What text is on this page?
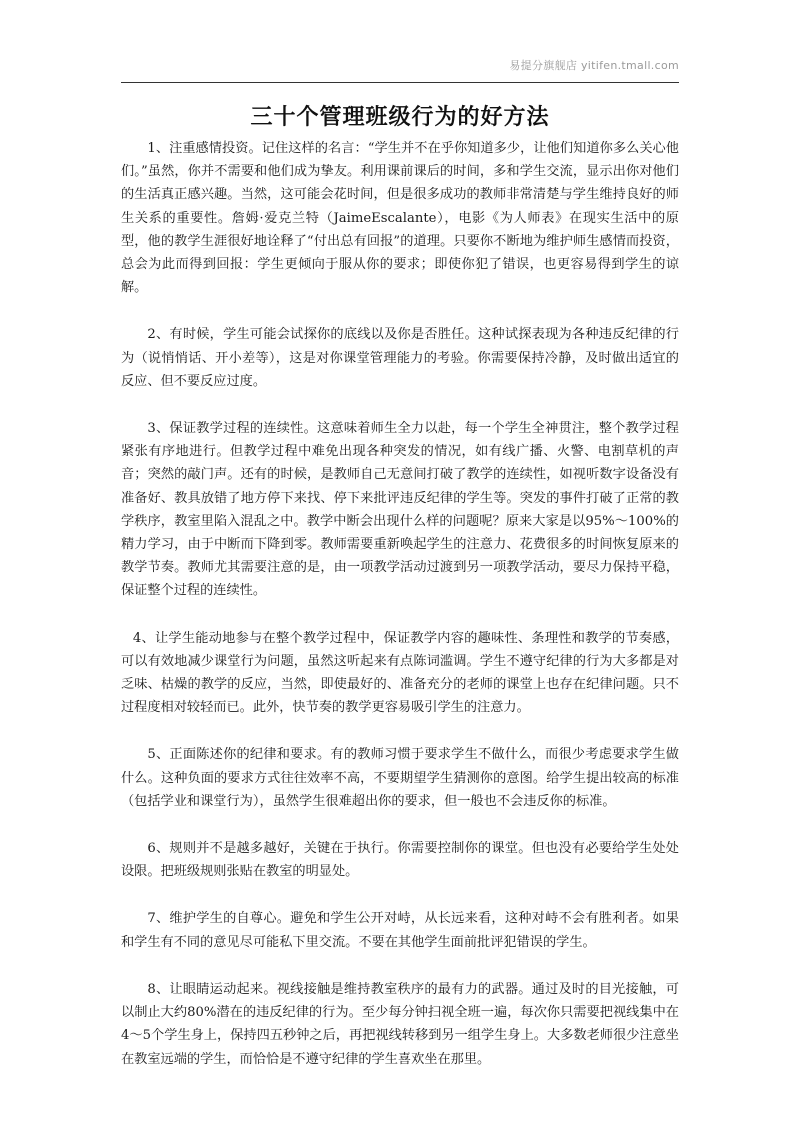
易提分旗舰店 yitifen.tmall.com
三十个管理班级行为的好方法

1、注重感情投资。记住这样的名言：“学生并不在乎你知道多少，让他们知道你多么关心他们。”虽然，你并不需要和他们成为挚友。利用课前课后的时间，多和学生交流，显示出你对他们的生活真正感兴趣。当然，这可能会花时间，但是很多成功的教师非常清楚与学生维持良好的师生关系的重要性。詹姆·爱克兰特（JaimeEscalante），电影《为人师表》在现实生活中的原型，他的教学生涯很好地诠释了“付出总有回报”的道理。只要你不断地为维护师生感情而投资，总会为此而得到回报：学生更倾向于服从你的要求；即使你犯了错误，也更容易得到学生的谅解。

2、有时候，学生可能会试探你的底线以及你是否胜任。这种试探表现为各种违反纪律的行为（说悄悄话、开小差等），这是对你课堂管理能力的考验。你需要保持冷静，及时做出适宜的反应、但不要反应过度。

3、保证教学过程的连续性。这意味着师生全力以赴，每一个学生全神贯注，整个教学过程紧张有序地进行。但教学过程中难免出现各种突发的情况，如有线广播、火警、电割草机的声音；突然的敲门声。还有的时候，是教师自己无意间打破了教学的连续性，如视听数字设备没有准备好、教具放错了地方停下来找、停下来批评违反纪律的学生等。突发的事件打破了正常的教学秩序，教室里陷入混乱之中。教学中断会出现什么样的问题呢？原来大家是以95%～100%的精力学习，由于中断而下降到零。教师需要重新唤起学生的注意力、花费很多的时间恢复原来的教学节奏。教师尤其需要注意的是，由一项教学活动过渡到另一项教学活动，要尽力保持平稳，保证整个过程的连续性。

4、让学生能动地参与在整个教学过程中，保证教学内容的趣味性、条理性和教学的节奏感，可以有效地减少课堂行为问题，虽然这听起来有点陈词滥调。学生不遵守纪律的行为大多都是对乏味、枯燥的教学的反应，当然，即使最好的、准备充分的老师的课堂上也存在纪律问题。只不过程度相对较轻而已。此外，快节奏的教学更容易吸引学生的注意力。

5、正面陈述你的纪律和要求。有的教师习惯于要求学生不做什么，而很少考虑要求学生做什么。这种负面的要求方式往往效率不高，不要期望学生猜测你的意图。给学生提出较高的标准（包括学业和课堂行为），虽然学生很难超出你的要求，但一般也不会违反你的标准。

6、规则并不是越多越好，关键在于执行。你需要控制你的课堂。但也没有必要给学生处处设限。把班级规则张贴在教室的明显处。

7、维护学生的自尊心。避免和学生公开对峙，从长远来看，这种对峙不会有胜利者。如果和学生有不同的意见尽可能私下里交流。不要在其他学生面前批评犯错误的学生。

8、让眼睛运动起来。视线接触是维持教室秩序的最有力的武器。通过及时的目光接触，可以制止大约80%潜在的违反纪律的行为。至少每分钟扫视全班一遍，每次你只需要把视线集中在4～5个学生身上，保持四五秒钟之后，再把视线转移到另一组学生身上。大多数老师很少注意坐在教室远端的学生，而恰恰是不遵守纪律的学生喜欢坐在那里。
